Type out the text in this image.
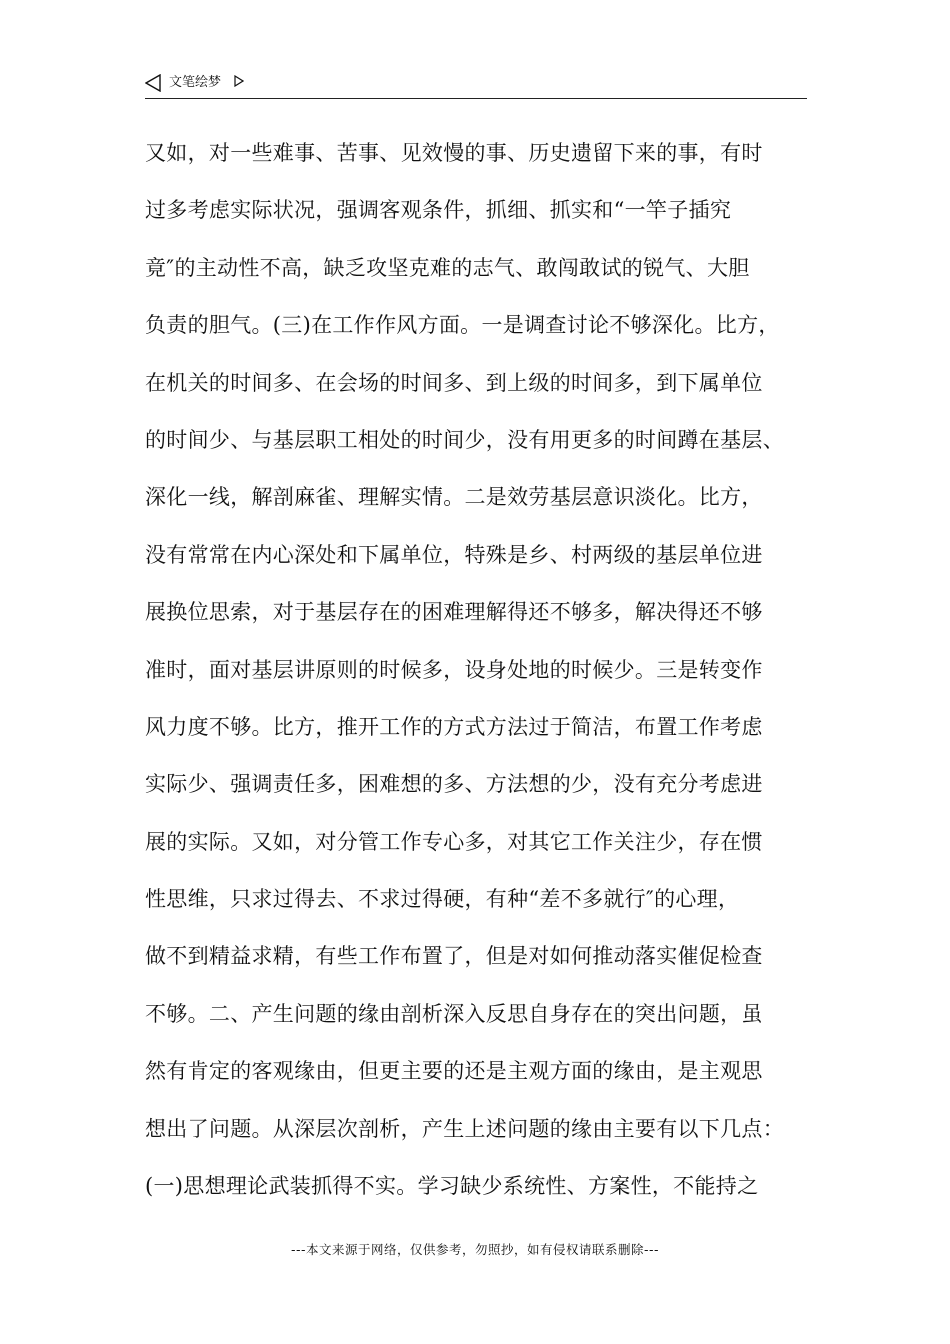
文笔绘梦
又如，对一些难事、苦事、见效慢的事、历史遗留下来的事，有时
过多考虑实际状况，强调客观条件，抓细、抓实和“一竿子插究
竟″的主动性不高，缺乏攻坚克难的志气、敢闯敢试的锐气、大胆
负责的胆气。(三)在工作作风方面。一是调查讨论不够深化。比方，
在机关的时间多、在会场的时间多、到上级的时间多，到下属单位
的时间少、与基层职工相处的时间少，没有用更多的时间蹲在基层、
深化一线，解剖麻雀、理解实情。二是效劳基层意识淡化。比方，
没有常常在内心深处和下属单位，特殊是乡、村两级的基层单位进
展换位思索，对于基层存在的困难理解得还不够多，解决得还不够
准时，面对基层讲原则的时候多，设身处地的时候少。三是转变作
风力度不够。比方，推开工作的方式方法过于简洁，布置工作考虑
实际少、强调责任多，困难想的多、方法想的少，没有充分考虑进
展的实际。又如，对分管工作专心多，对其它工作关注少，存在惯
性思维，只求过得去、不求过得硬，有种“差不多就行″的心理，
做不到精益求精，有些工作布置了，但是对如何推动落实催促检查
不够。二、产生问题的缘由剖析深入反思自身存在的突出问题，虽
然有肯定的客观缘由，但更主要的还是主观方面的缘由，是主观思
想出了问题。从深层次剖析，产生上述问题的缘由主要有以下几点：
(一)思想理论武装抓得不实。学习缺少系统性、方案性，不能持之
---本文来源于网络，仅供参考，勿照抄，如有侵权请联系删除---
